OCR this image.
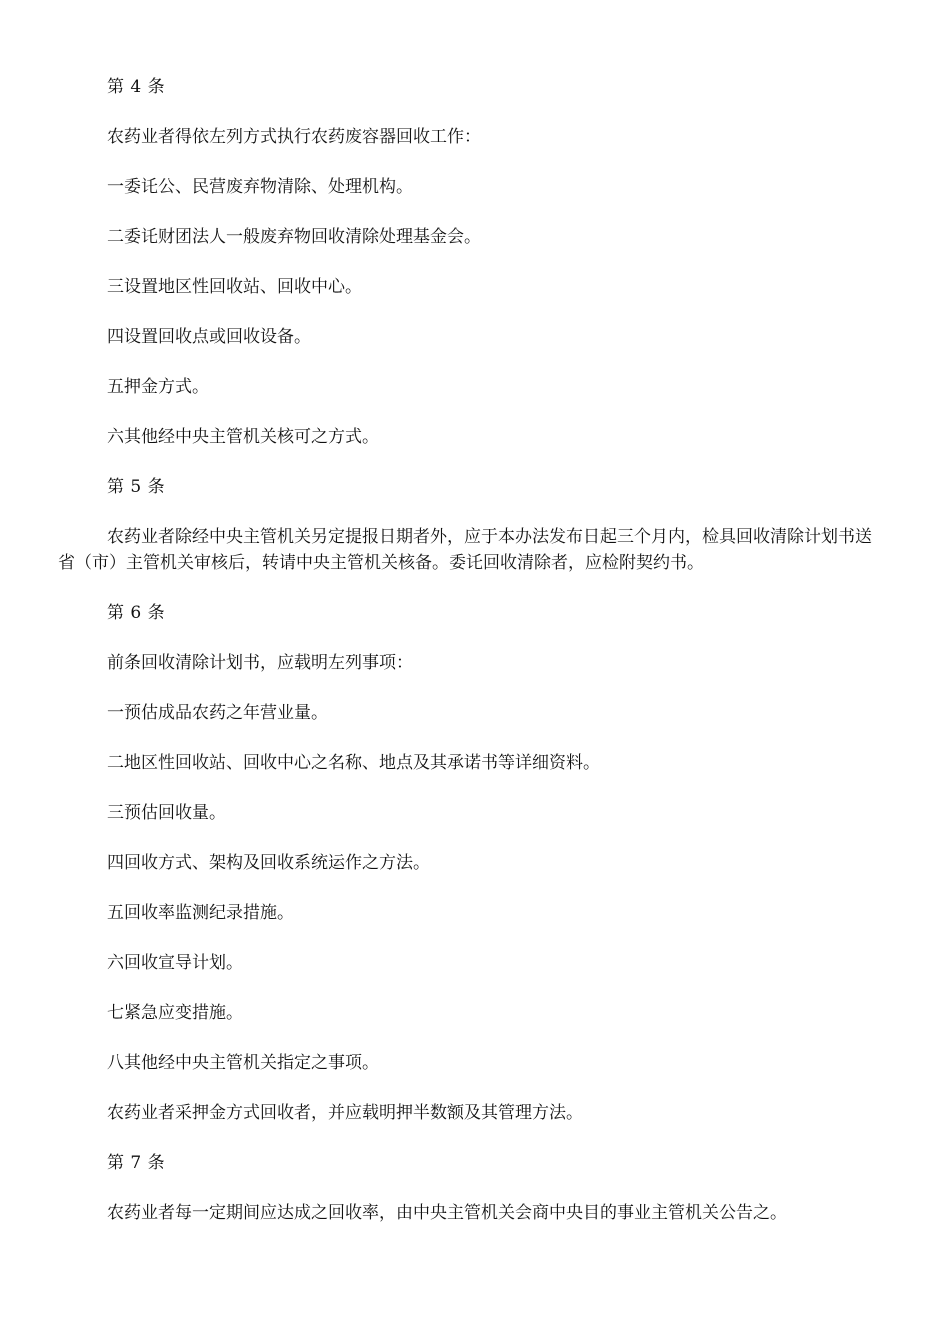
第 4 条

农药业者得依左列方式执行农药废容器回收工作：

一委讬公、民营废弃物清除、处理机构。

二委讬财团法人一般废弃物回收清除处理基金会。

三设置地区性回收站、回收中心。

四设置回收点或回收设备。

五押金方式。

六其他经中央主管机关核可之方式。

第 5 条

农药业者除经中央主管机关另定提报日期者外，应于本办法发布日起三个月内，检具回收清除计划书送省（市）主管机关审核后，转请中央主管机关核备。委讬回收清除者，应检附契约书。

第 6 条

前条回收清除计划书，应载明左列事项：

一预估成品农药之年营业量。

二地区性回收站、回收中心之名称、地点及其承诺书等详细资料。

三预估回收量。

四回收方式、架构及回收系统运作之方法。

五回收率监测纪录措施。

六回收宣导计划。

七紧急应变措施。

八其他经中央主管机关指定之事项。

农药业者采押金方式回收者，并应载明押半数额及其管理方法。

第 7 条

农药业者每一定期间应达成之回收率，由中央主管机关会商中央目的事业主管机关公告之。
